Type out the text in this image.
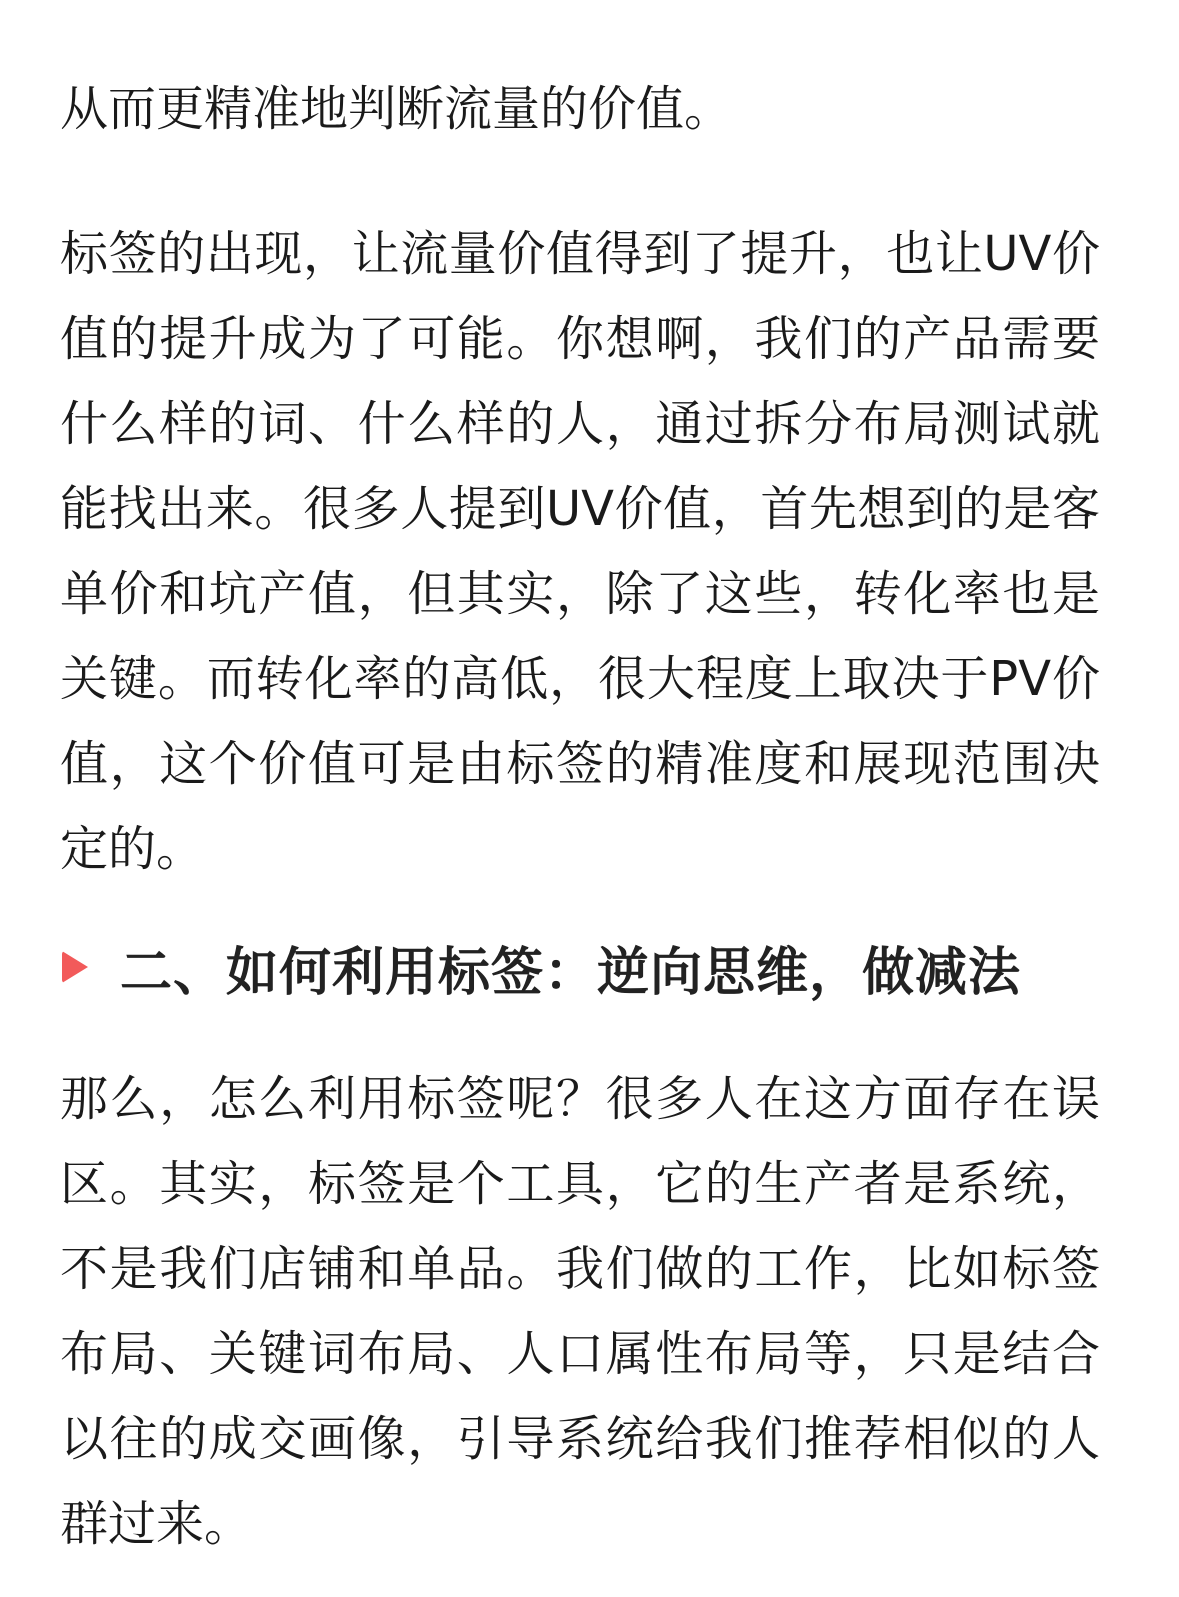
从而更精准地判断流量的价值。

标签的出现，让流量价值得到了提升，也让UV价值的提升成为了可能。你想啊，我们的产品需要什么样的词、什么样的人，通过拆分布局测试就能找出来。很多人提到UV价值，首先想到的是客单价和坑产值，但其实，除了这些，转化率也是关键。而转化率的高低，很大程度上取决于PV价值，这个价值可是由标签的精准度和展现范围决定的。

二、如何利用标签：逆向思维，做减法

那么，怎么利用标签呢？很多人在这方面存在误区。其实，标签是个工具，它的生产者是系统，不是我们店铺和单品。我们做的工作，比如标签布局、关键词布局、人口属性布局等，只是结合以往的成交画像，引导系统给我们推荐相似的人群过来。
